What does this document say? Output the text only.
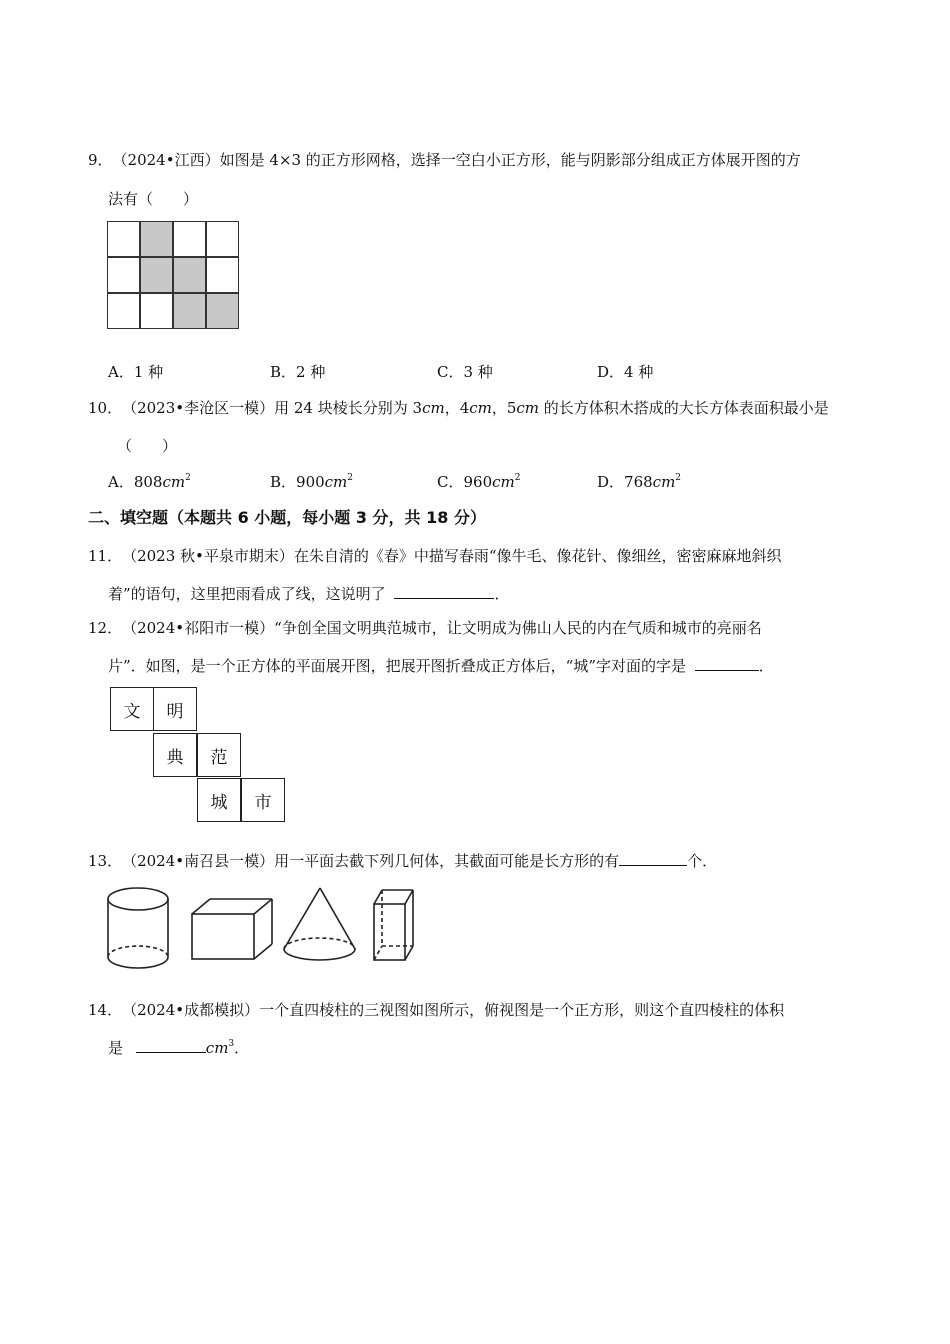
9．（2024•江西）如图是 4×3 的正方形网格，选择一空白小正方形，能与阴影部分组成正方体展开图的方
法有（　　）
A．1 种	B．2 种	C．3 种	D．4 种
10．（2023•李沧区一模）用 24 块棱长分别为 3cm，4cm，5cm 的长方体积木搭成的大长方体表面积最小是
（　　）
A．$808cm^2$	B．$900cm^2$	C．$960cm^2$	D．$768cm^2$
二、填空题（本题共 6 小题，每小题 3 分，共 18 分）
11．（2023 秋•平泉市期末）在朱自清的《春》中描写春雨“像牛毛、像花针、像细丝，密密麻麻地斜织
着”的语句，这里把雨看成了线，这说明了	．
12．（2024•祁阳市一模）“争创全国文明典范城市，让文明成为佛山人民的内在气质和城市的亮丽名
片”．如图，是一个正方体的平面展开图，把展开图折叠成正方体后，“城”字对面的字是	．
文	明
典	范
城	市
13．（2024•南召县一模）用一平面去截下列几何体，其截面可能是长方形的有	个．
14．（2024•成都模拟）一个直四棱柱的三视图如图所示，俯视图是一个正方形，则这个直四棱柱的体积
是	$cm^3$．
